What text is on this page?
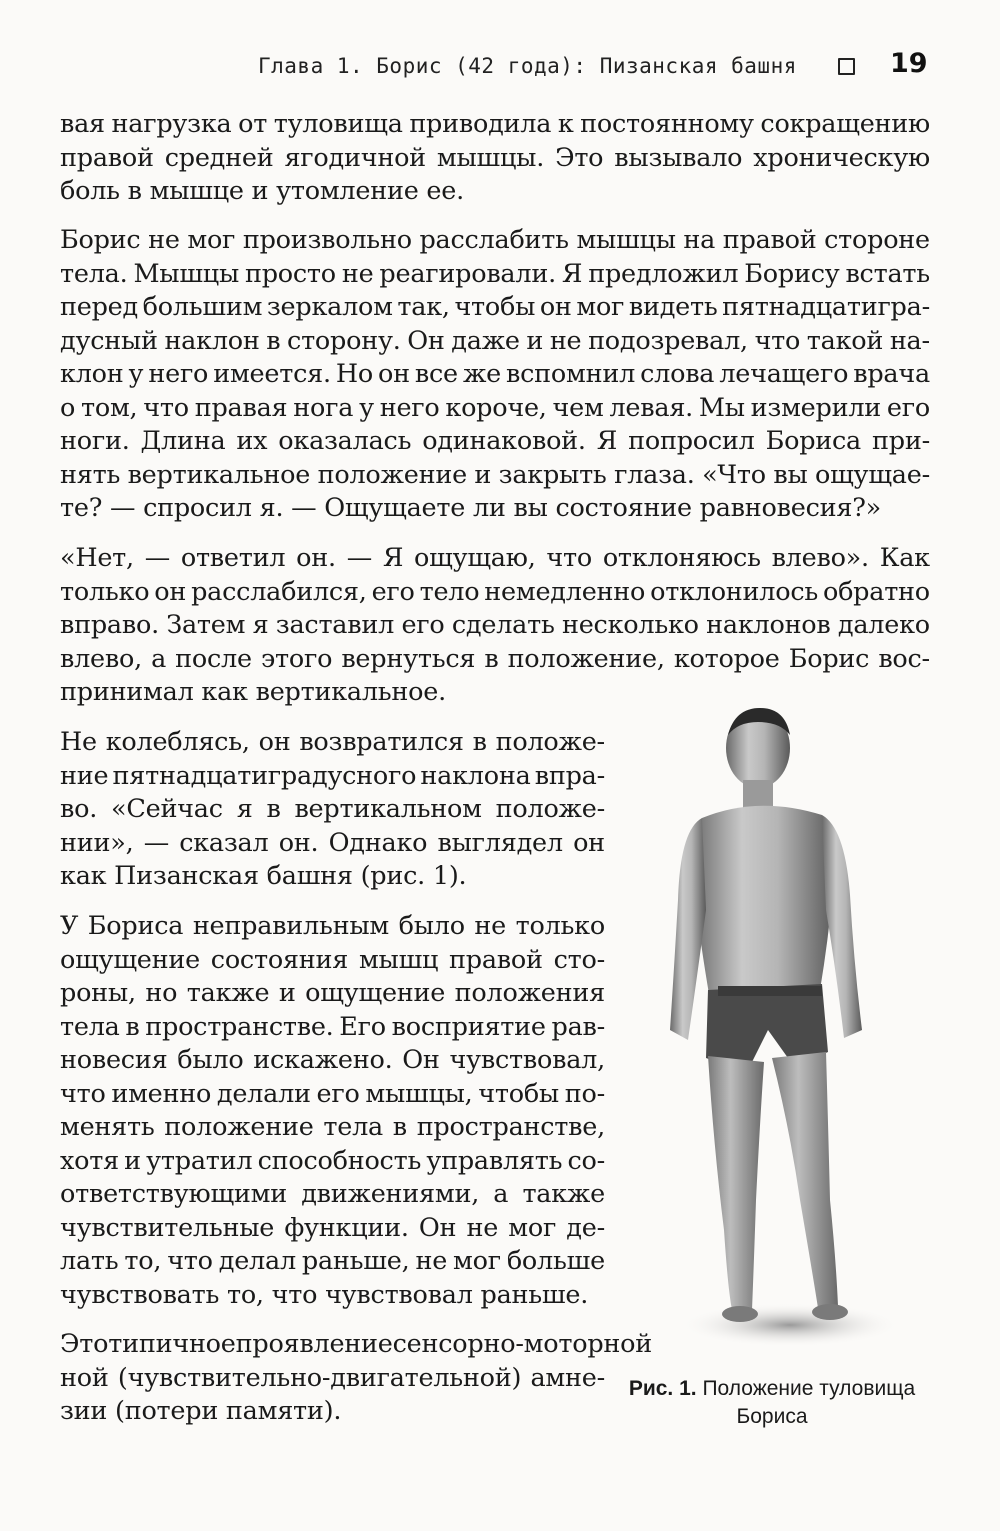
Глава 1. Борис (42 года): Пизанская башня	19
вая нагрузка от туловища приводила к постоянному сокращению
правой средней ягодичной мышцы. Это вызывало хроническую
боль в мышце и утомление ее.
Борис не мог произвольно расслабить мышцы на правой стороне
тела. Мышцы просто не реагировали. Я предложил Борису встать
перед большим зеркалом так, чтобы он мог видеть пятнадцатигра-
дусный наклон в сторону. Он даже и не подозревал, что такой на-
клон у него имеется. Но он все же вспомнил слова лечащего врача
о том, что правая нога у него короче, чем левая. Мы измерили его
ноги. Длина их оказалась одинаковой. Я попросил Бориса при-
нять вертикальное положение и закрыть глаза. «Что вы ощущае-
те? — спросил я. — Ощущаете ли вы состояние равновесия?»
«Нет, — ответил он. — Я ощущаю, что отклоняюсь влево». Как
только он расслабился, его тело немедленно отклонилось обратно
вправо. Затем я заставил его сделать несколько наклонов далеко
влево, а после этого вернуться в положение, которое Борис вос-
принимал как вертикальное.
Не колеблясь, он возвратился в положе-
ние пятнадцатиградусного наклона впра-
во. «Сейчас я в вертикальном положе-
нии», — сказал он. Однако выглядел он
как Пизанская башня (рис. 1).
У Бориса неправильным было не только
ощущение состояния мышц правой сто-
роны, но также и ощущение положения
тела в пространстве. Его восприятие рав-
новесия было искажено. Он чувствовал,
что именно делали его мышцы, чтобы по-
менять положение тела в пространстве,
хотя и утратил способность управлять со-
ответствующими движениями, а также
чувствительные функции. Он не мог де-
лать то, что делал раньше, не мог больше
чувствовать то, что чувствовал раньше.
Это типичное проявление сенсорно-моторной
ной (чувствительно-двигательной) амне-
зии (потери памяти).
Рис. 1. Положение туловища
Бориса
